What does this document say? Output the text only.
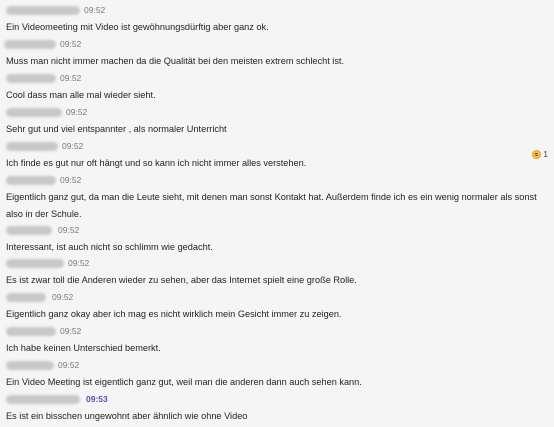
09:52
Ein Videomeeting mit Video ist gewöhnungsdürftig aber ganz ok.
09:52
Muss man nicht immer machen da die Qualität bei den meisten extrem schlecht ist.
09:52
Cool dass man alle mal wieder sieht.
09:52
Sehr gut und viel entspannter , als normaler Unterricht
09:52
Ich finde es gut nur oft hängt und so kann ich nicht immer alles verstehen.
1
09:52
Eigentlich ganz gut, da man die Leute sieht, mit denen man sonst Kontakt hat. Außerdem finde ich es ein wenig normaler als sonst also in der Schule.
09:52
Interessant, ist auch nicht so schlimm wie gedacht.
09:52
Es ist zwar toll die Anderen wieder zu sehen, aber das Internet spielt eine große Rolle.
09:52
Eigentlich ganz okay aber ich mag es nicht wirklich mein Gesicht immer zu zeigen.
09:52
Ich habe keinen Unterschied bemerkt.
09:52
Ein Video Meeting ist eigentlich ganz gut, weil man die anderen dann auch sehen kann.
09:53
Es ist ein bisschen ungewohnt aber ähnlich wie ohne Video
